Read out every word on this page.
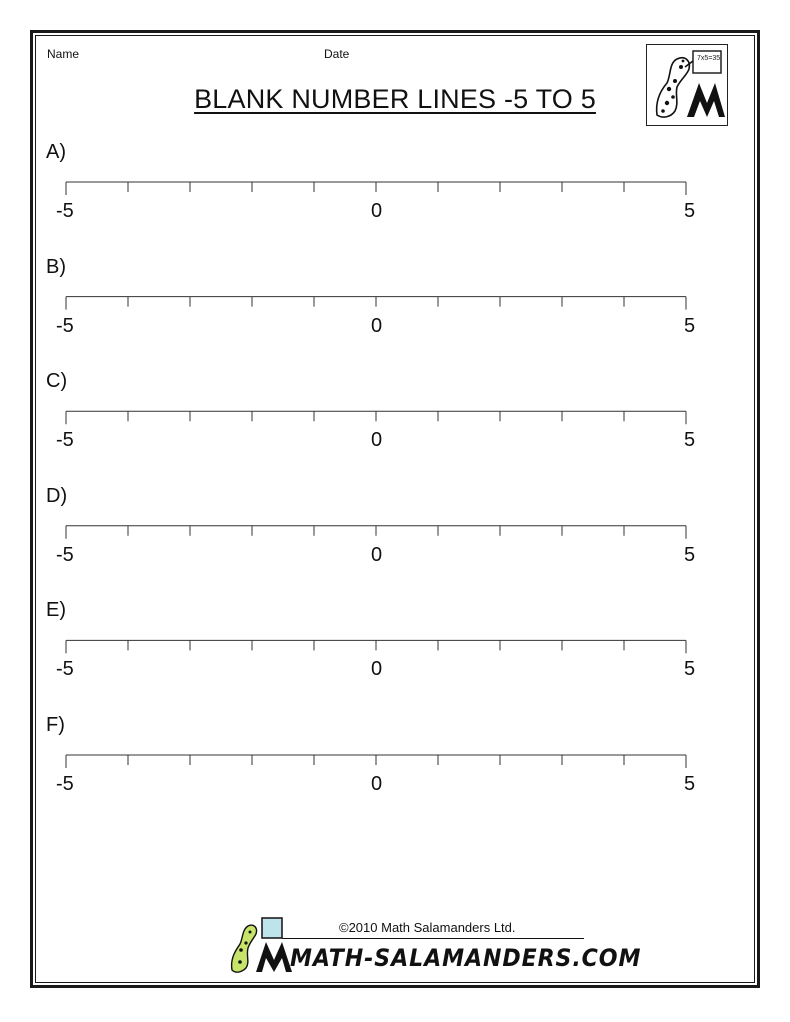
Name	Date
BLANK NUMBER LINES -5 TO 5
7x5=35
A)
-5	0	5
B)
-5	0	5
C)
-5	0	5
D)
-5	0	5
E)
-5	0	5
F)
-5	0	5
©2010 Math Salamanders Ltd.
MATH-SALAMANDERS.COM
